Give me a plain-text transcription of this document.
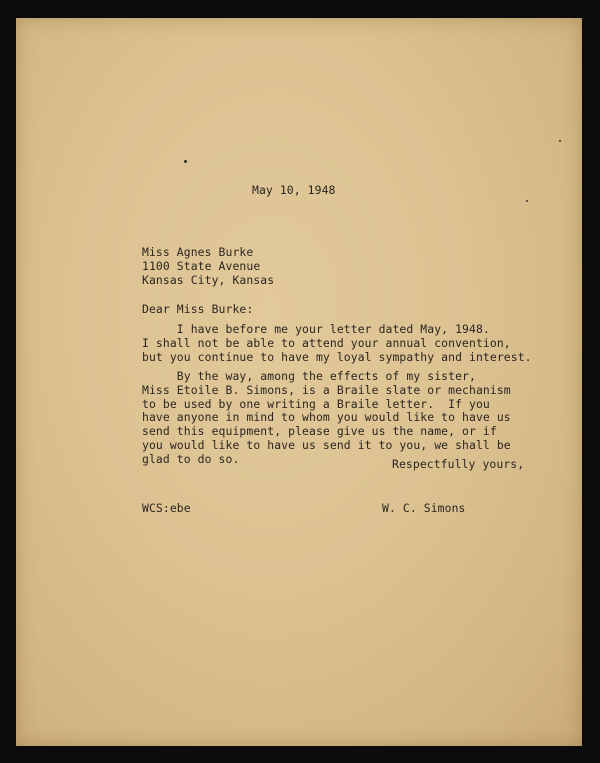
May 10, 1948
Miss Agnes Burke
1100 State Avenue
Kansas City, Kansas
Dear Miss Burke:
I have before me your letter dated May, 1948.
I shall not be able to attend your annual convention,
but you continue to have my loyal sympathy and interest.
By the way, among the effects of my sister,
Miss Etoile B. Simons, is a Braile slate or mechanism
to be used by one writing a Braile letter.  If you
have anyone in mind to whom you would like to have us
send this equipment, please give us the name, or if
you would like to have us send it to you, we shall be
glad to do so.	Respectfully yours,
WCS:ebe	W. C. Simons
